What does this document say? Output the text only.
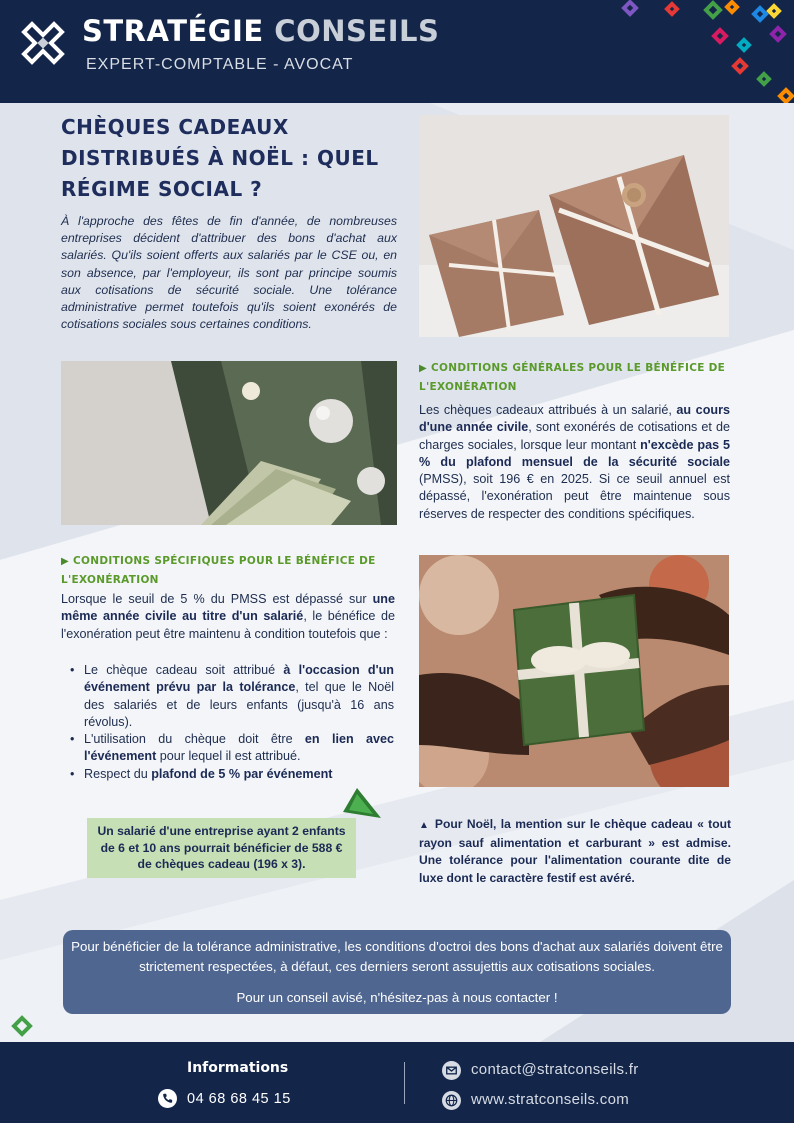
STRATÉGIE CONSEILS
EXPERT-COMPTABLE - AVOCAT
CHÈQUES CADEAUX DISTRIBUÉS À NOËL : QUEL RÉGIME SOCIAL ?

À l'approche des fêtes de fin d'année, de nombreuses entreprises décident d'attribuer des bons d'achat aux salariés. Qu'ils soient offerts aux salariés par le CSE ou, en son absence, par l'employeur, ils sont par principe soumis aux cotisations de sécurité sociale. Une tolérance administrative permet toutefois qu'ils soient exonérés de cotisations sociales sous certaines conditions.

▶ CONDITIONS GÉNÉRALES POUR LE BÉNÉFICE DE L'EXONÉRATION

Les chèques cadeaux attribués à un salarié, au cours d'une année civile, sont exonérés de cotisations et de charges sociales, lorsque leur montant n'excède pas 5 % du plafond mensuel de la sécurité sociale (PMSS), soit 196 € en 2025. Si ce seuil annuel est dépassé, l'exonération peut être maintenue sous réserves de respecter des conditions spécifiques.

▶ CONDITIONS SPÉCIFIQUES POUR LE BÉNÉFICE DE L'EXONÉRATION

Lorsque le seuil de 5 % du PMSS est dépassé sur une même année civile au titre d'un salarié, le bénéfice de l'exonération peut être maintenu à condition toutefois que :

• Le chèque cadeau soit attribué à l'occasion d'un événement prévu par la tolérance, tel que le Noël des salariés et de leurs enfants (jusqu'à 16 ans révolus).
• L'utilisation du chèque doit être en lien avec l'événement pour lequel il est attribué.
• Respect du plafond de 5 % par événement
Un salarié d'une entreprise ayant 2 enfants de 6 et 10 ans pourrait bénéficier de 588 € de chèques cadeau (196 x 3).

▲ Pour Noël, la mention sur le chèque cadeau « tout rayon sauf alimentation et carburant » est admise. Une tolérance pour l'alimentation courante dite de luxe dont le caractère festif est avéré.

Pour bénéficier de la tolérance administrative, les conditions d'octroi des bons d'achat aux salariés doivent être strictement respectées, à défaut, ces derniers seront assujettis aux cotisations sociales.

Pour un conseil avisé, n'hésitez-pas à nous contacter !

Informations
04 68 68 45 15
contact@stratconseils.fr
www.stratconseils.com
